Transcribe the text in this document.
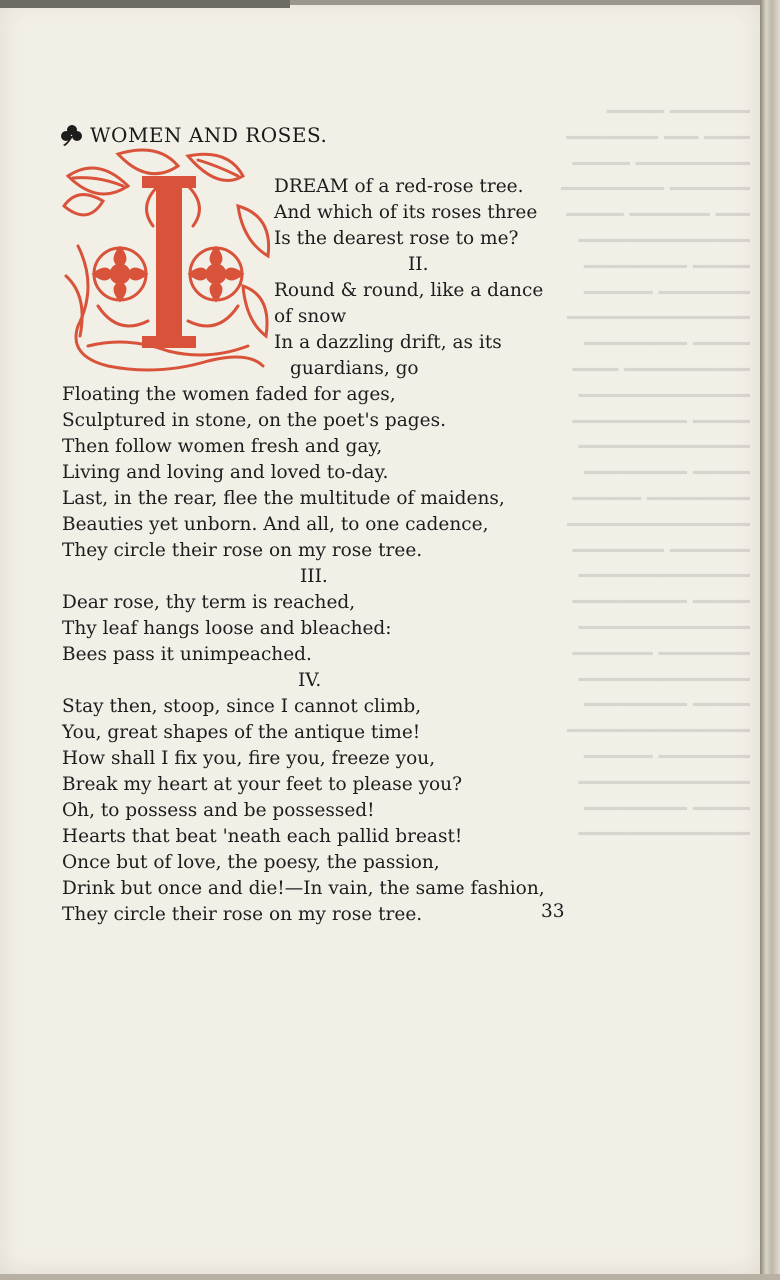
━━━━━━━ ━━━━━
━━━━ ━━━ ━━━━━━━━
━━━━━━━━━━ ━━━━━
━━━━━━━ ━━━━━━━━━
━━━ ━━━━━━━ ━━━━━
━━━━━━━━━━━━━━━
━━━━━ ━━━━━━━━━
━━━━━━━━ ━━━━━━
━━━━━━━━━━━━━━━━
━━━━━ ━━━━━━━━━
━━━━━━━━━━━ ━━━━
━━━━━━━━━━━━━━━
━━━━━ ━━━━━━━━━━
━━━━━━━━━━━━━━━
━━━━━ ━━━━━━━━━
━━━━━━━━━ ━━━━━━
━━━━━━━━━━━━━━━━
━━━━━━━ ━━━━━━━━
━━━━━━━━━━━━━━━
━━━━━ ━━━━━━━━━━
━━━━━━━━━━━━━━━
━━━━━━━━ ━━━━━━━
━━━━━━━━━━━━━━━
━━━━━ ━━━━━━━━━
━━━━━━━━━━━━━━━━
━━━━━━━━ ━━━━━━
━━━━━━━━━━━━━━━
━━━━━ ━━━━━━━━━
━━━━━━━━━━━━━━━
WOMEN AND ROSES.
DREAM of a red-rose tree.
And which of its roses three
Is the dearest rose to me?
II.
Round & round, like a dance
of snow
In a dazzling drift, as its
guardians, go
Floating the women faded for ages,
Sculptured in stone, on the poet's pages.
Then follow women fresh and gay,
Living and loving and loved to-day.
Last, in the rear, flee the multitude of maidens,
Beauties yet unborn. And all, to one cadence,
They circle their rose on my rose tree.
III.
Dear rose, thy term is reached,
Thy leaf hangs loose and bleached:
Bees pass it unimpeached.
IV.
Stay then, stoop, since I cannot climb,
You, great shapes of the antique time!
How shall I fix you, fire you, freeze you,
Break my heart at your feet to please you?
Oh, to possess and be possessed!
Hearts that beat 'neath each pallid breast!
Once but of love, the poesy, the passion,
Drink but once and die!—In vain, the same fashion,
They circle their rose on my rose tree.	33
